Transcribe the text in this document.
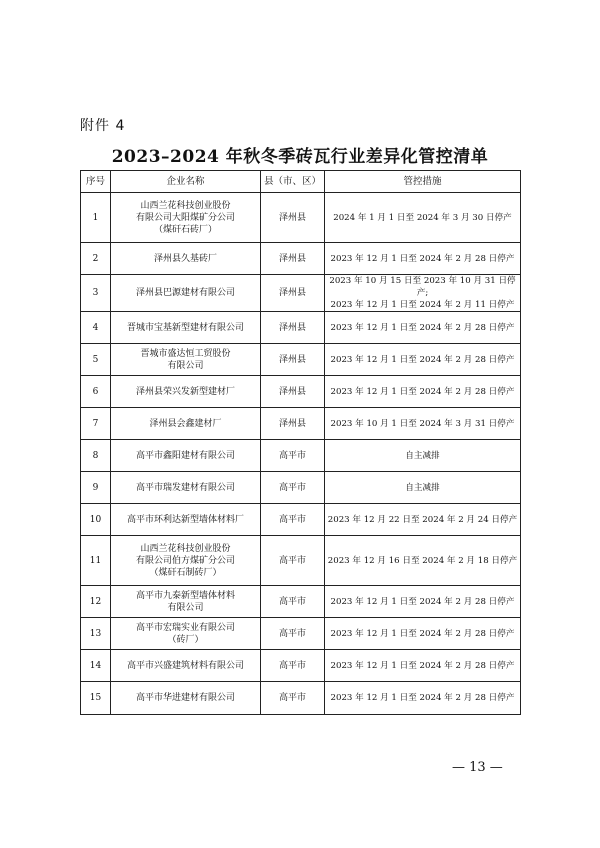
附件 4
2023–2024 年秋冬季砖瓦行业差异化管控清单
序号	企业名称	县（市、区）	管控措施
1	山西兰花科技创业股份
有限公司大阳煤矿分公司
（煤矸石砖厂）	泽州县	2024 年 1 月 1 日至 2024 年 3 月 30 日停产
2	泽州县久基砖厂	泽州县	2023 年 12 月 1 日至 2024 年 2 月 28 日停产
3	泽州县巴源建材有限公司	泽州县	2023 年 10 月 15 日至 2023 年 10 月 31 日停产;
2023 年 12 月 1 日至 2024 年 2 月 11 日停产
4	晋城市宝基新型建材有限公司	泽州县	2023 年 12 月 1 日至 2024 年 2 月 28 日停产
5	晋城市盛达恒工贸股份
有限公司	泽州县	2023 年 12 月 1 日至 2024 年 2 月 28 日停产
6	泽州县荣兴发新型建材厂	泽州县	2023 年 12 月 1 日至 2024 年 2 月 28 日停产
7	泽州县会鑫建材厂	泽州县	2023 年 10 月 1 日至 2024 年 3 月 31 日停产
8	高平市鑫阳建材有限公司	高平市	自主减排
9	高平市瑞发建材有限公司	高平市	自主减排
10	高平市环利达新型墙体材料厂	高平市	2023 年 12 月 22 日至 2024 年 2 月 24 日停产
11	山西兰花科技创业股份
有限公司伯方煤矿分公司
（煤矸石制砖厂）	高平市	2023 年 12 月 16 日至 2024 年 2 月 18 日停产
12	高平市九泰新型墙体材料
有限公司	高平市	2023 年 12 月 1 日至 2024 年 2 月 28 日停产
13	高平市宏瑞实业有限公司
（砖厂）	高平市	2023 年 12 月 1 日至 2024 年 2 月 28 日停产
14	高平市兴盛建筑材料有限公司	高平市	2023 年 12 月 1 日至 2024 年 2 月 28 日停产
15	高平市华进建材有限公司	高平市	2023 年 12 月 1 日至 2024 年 2 月 28 日停产
— 13 —
